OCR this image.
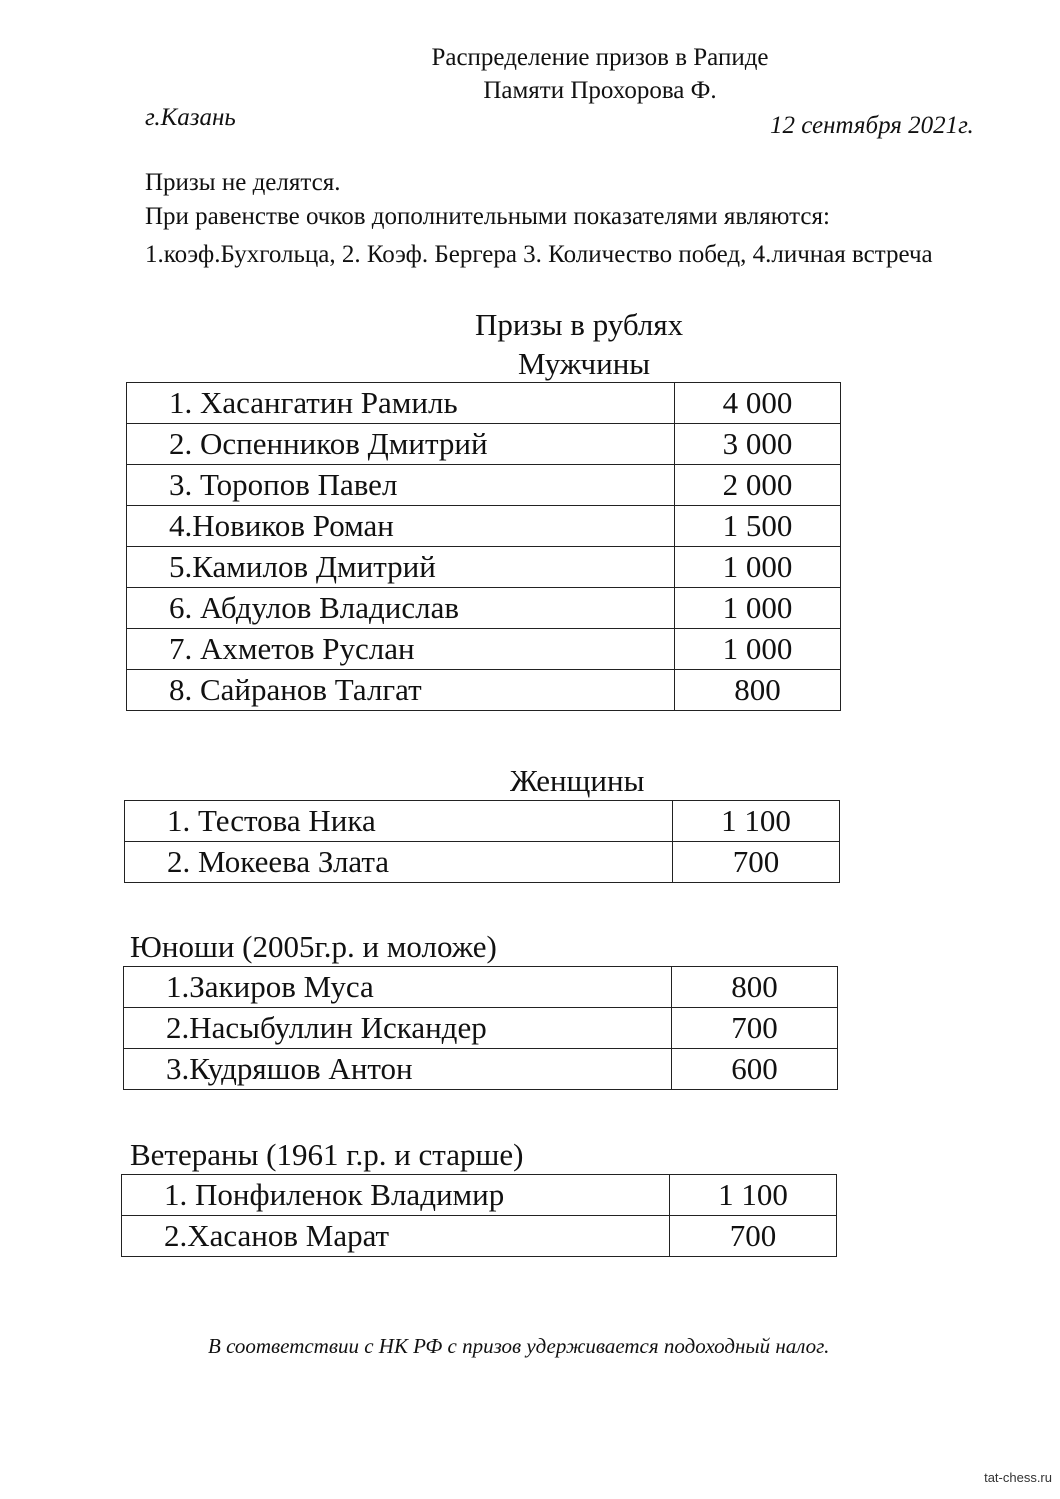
Распределение призов в Рапиде
Памяти Прохорова Ф.
г.Казань	12 сентября 2021г.
Призы не делятся.
При равенстве очков дополнительными показателями являются:
1.коэф.Бухгольца, 2. Коэф. Бергера 3. Количество побед, 4.личная встреча
Призы в рублях
Мужчины
1. Хасангатин Рамиль	4 000
2. Оспенников Дмитрий	3 000
3. Торопов Павел	2 000
4.Новиков Роман	1 500
5.Камилов Дмитрий	1 000
6. Абдулов Владислав	1 000
7. Ахметов Руслан	1 000
8. Сайранов Талгат	800
Женщины
1. Тестова Ника	1 100
2. Мокеева Злата	700
Юноши (2005г.р. и моложе)
1.Закиров Муса	800
2.Насыбуллин Искандер	700
3.Кудряшов Антон	600
Ветераны (1961 г.р. и старше)
1. Понфиленок Владимир	1 100
2.Хасанов Марат	700
В соответствии с НК РФ с призов удерживается подоходный налог.
tat-chess.ru
